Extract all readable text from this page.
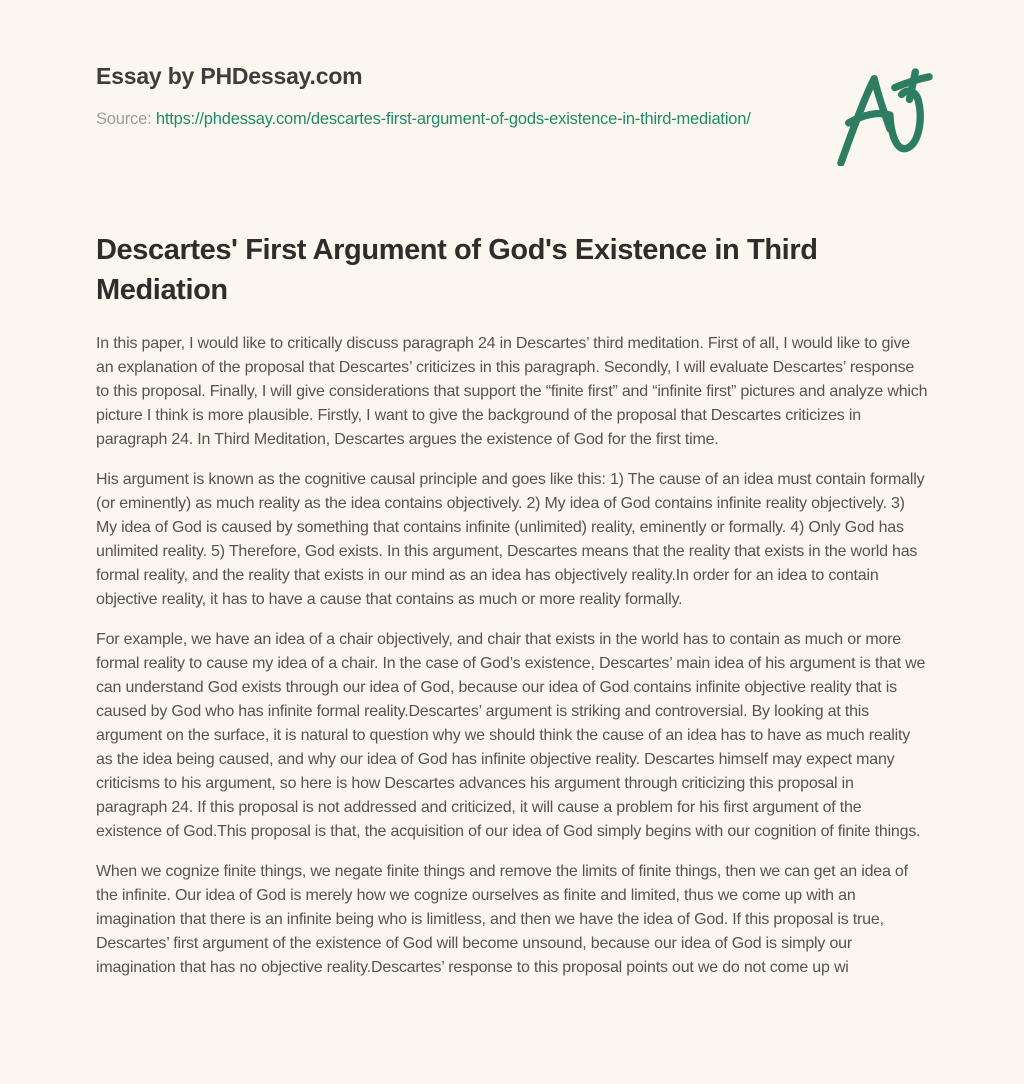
Essay by PHDessay.com

Source: https://phdessay.com/descartes-first-argument-of-gods-existence-in-third-mediation/

Descartes' First Argument of God's Existence in Third Mediation

In this paper, I would like to critically discuss paragraph 24 in Descartes’ third meditation. First of all, I would like to give an explanation of the proposal that Descartes’ criticizes in this paragraph. Secondly, I will evaluate Descartes’ response to this proposal. Finally, I will give considerations that support the “finite first” and “infinite first” pictures and analyze which picture I think is more plausible. Firstly, I want to give the background of the proposal that Descartes criticizes in paragraph 24. In Third Meditation, Descartes argues the existence of God for the first time.

His argument is known as the cognitive causal principle and goes like this: 1) The cause of an idea must contain formally (or eminently) as much reality as the idea contains objectively. 2) My idea of God contains infinite reality objectively. 3) My idea of God is caused by something that contains infinite (unlimited) reality, eminently or formally. 4) Only God has unlimited reality. 5) Therefore, God exists. In this argument, Descartes means that the reality that exists in the world has formal reality, and the reality that exists in our mind as an idea has objectively reality.In order for an idea to contain objective reality, it has to have a cause that contains as much or more reality formally.

For example, we have an idea of a chair objectively, and chair that exists in the world has to contain as much or more formal reality to cause my idea of a chair. In the case of God’s existence, Descartes’ main idea of his argument is that we can understand God exists through our idea of God, because our idea of God contains infinite objective reality that is caused by God who has infinite formal reality.Descartes’ argument is striking and controversial. By looking at this argument on the surface, it is natural to question why we should think the cause of an idea has to have as much reality as the idea being caused, and why our idea of God has infinite objective reality. Descartes himself may expect many criticisms to his argument, so here is how Descartes advances his argument through criticizing this proposal in paragraph 24. If this proposal is not addressed and criticized, it will cause a problem for his first argument of the existence of God.This proposal is that, the acquisition of our idea of God simply begins with our cognition of finite things.

When we cognize finite things, we negate finite things and remove the limits of finite things, then we can get an idea of the infinite. Our idea of God is merely how we cognize ourselves as finite and limited, thus we come up with an imagination that there is an infinite being who is limitless, and then we have the idea of God. If this proposal is true, Descartes’ first argument of the existence of God will become unsound, because our idea of God is simply our imagination that has no objective reality.Descartes’ response to this proposal points out we do not come up wi
